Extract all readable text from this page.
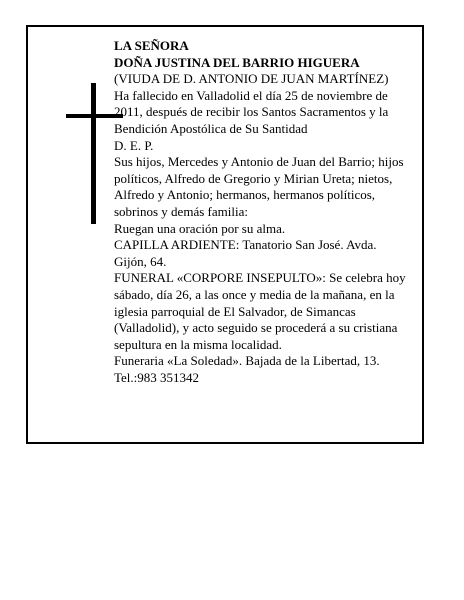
LA SEÑORA

DOÑA JUSTINA DEL BARRIO HIGUERA

(VIUDA DE D. ANTONIO DE JUAN MARTÍNEZ)

Ha fallecido en Valladolid el día 25 de noviembre de 2011, después de recibir los Santos Sacramentos y la Bendición Apostólica de Su Santidad

D. E. P.

Sus hijos, Mercedes y Antonio de Juan del Barrio; hijos políticos, Alfredo de Gregorio y Mirian Ureta; nietos, Alfredo y Antonio; hermanos, hermanos políticos, sobrinos y demás familia:

Ruegan una oración por su alma.

CAPILLA ARDIENTE: Tanatorio San José. Avda. Gijón, 64.

FUNERAL «CORPORE INSEPULTO»: Se celebra hoy sábado, día 26, a las once y media de la mañana, en la iglesia parroquial de El Salvador, de Simancas (Valladolid), y acto seguido se procederá a su cristiana sepultura en la misma localidad.

Funeraria «La Soledad». Bajada de la Libertad, 13.

Tel.:983 351342
